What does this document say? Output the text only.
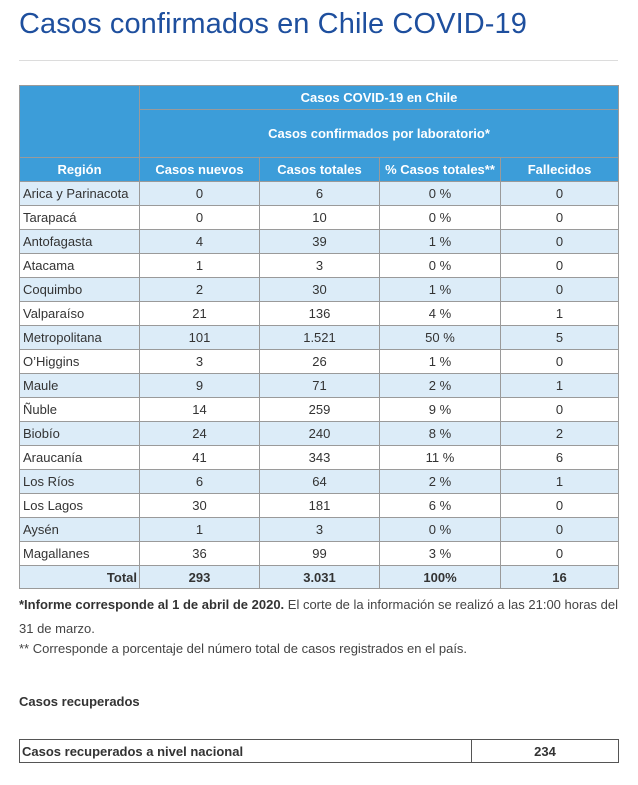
Casos confirmados en Chile COVID-19
	Casos COVID-19 en Chile			
	Casos confirmados por laboratorio*			
Región	Casos nuevos	Casos totales	% Casos totales**	Fallecidos
Arica y Parinacota	0	6	0 %	0
Tarapacá	0	10	0 %	0
Antofagasta	4	39	1 %	0
Atacama	1	3	0 %	0
Coquimbo	2	30	1 %	0
Valparaíso	21	136	4 %	1
Metropolitana	101	1.521	50 %	5
O’Higgins	3	26	1 %	0
Maule	9	71	2 %	1
Ñuble	14	259	9 %	0
Biobío	24	240	8 %	2
Araucanía	41	343	11 %	6
Los Ríos	6	64	2 %	1
Los Lagos	30	181	6 %	0
Aysén	1	3	0 %	0
Magallanes	36	99	3 %	0
Total	293	3.031	100%	16

*Informe corresponde al 1 de abril de 2020. El corte de la información se realizó a las 21:00 horas del 31 de marzo.

** Corresponde a porcentaje del número total de casos registrados en el país.
Casos recuperados
Casos recuperados a nivel nacional	234
